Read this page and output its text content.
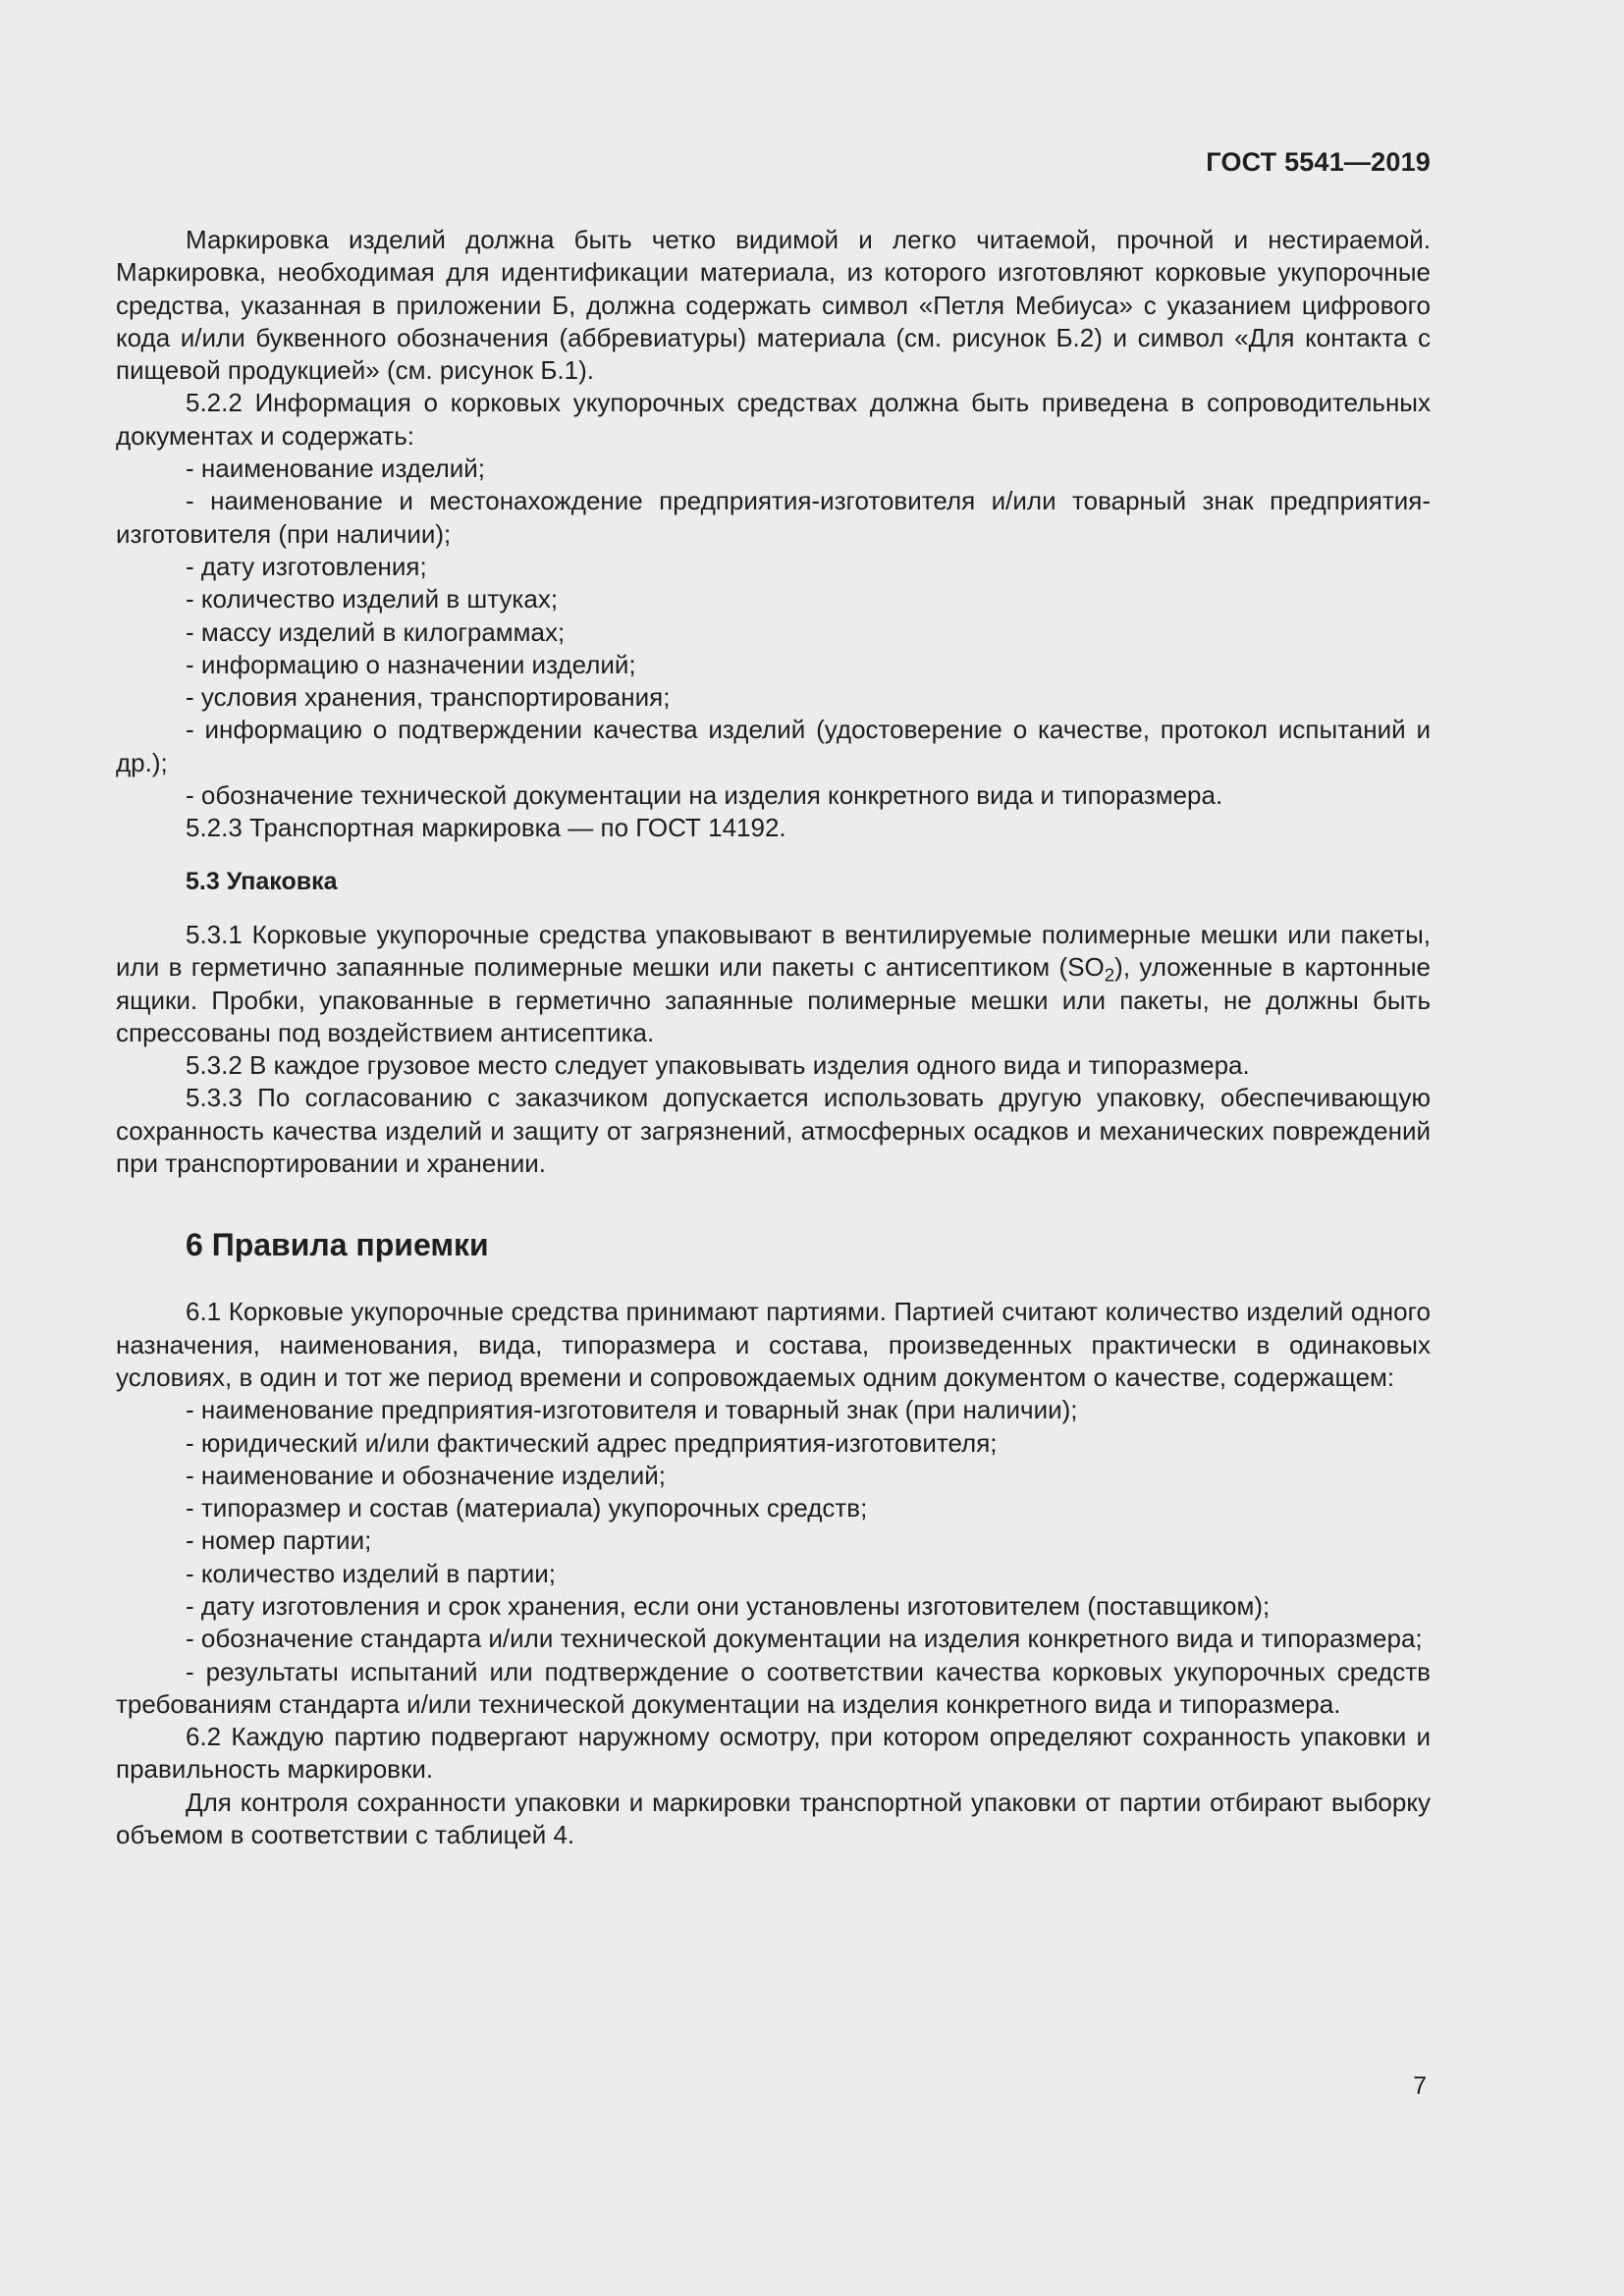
ГОСТ 5541—2019

Маркировка изделий должна быть четко видимой и легко читаемой, прочной и нестираемой. Маркировка, необходимая для идентификации материала, из которого изготовляют корковые укупорочные средства, указанная в приложении Б, должна содержать символ «Петля Мебиуса» с указанием цифрового кода и/или буквенного обозначения (аббревиатуры) материала (см. рисунок Б.2) и символ «Для контакта с пищевой продукцией» (см. рисунок Б.1).

5.2.2 Информация о корковых укупорочных средствах должна быть приведена в сопроводительных документах и содержать:

- наименование изделий;

- наименование и местонахождение предприятия-изготовителя и/или товарный знак предприятия-изготовителя (при наличии);

- дату изготовления;

- количество изделий в штуках;

- массу изделий в килограммах;

- информацию о назначении изделий;

- условия хранения, транспортирования;

- информацию о подтверждении качества изделий (удостоверение о качестве, протокол испытаний и др.);

- обозначение технической документации на изделия конкретного вида и типоразмера.

5.2.3 Транспортная маркировка — по ГОСТ 14192.

5.3 Упаковка

5.3.1 Корковые укупорочные средства упаковывают в вентилируемые полимерные мешки или пакеты, или в герметично запаянные полимерные мешки или пакеты с антисептиком $(SO_2)$, уложенные в картонные ящики. Пробки, упакованные в герметично запаянные полимерные мешки или пакеты, не должны быть спрессованы под воздействием антисептика.

5.3.2 В каждое грузовое место следует упаковывать изделия одного вида и типоразмера.

5.3.3 По согласованию с заказчиком допускается использовать другую упаковку, обеспечивающую сохранность качества изделий и защиту от загрязнений, атмосферных осадков и механических повреждений при транспортировании и хранении.

6 Правила приемки

6.1 Корковые укупорочные средства принимают партиями. Партией считают количество изделий одного назначения, наименования, вида, типоразмера и состава, произведенных практически в одинаковых условиях, в один и тот же период времени и сопровождаемых одним документом о качестве, содержащем:

- наименование предприятия-изготовителя и товарный знак (при наличии);

- юридический и/или фактический адрес предприятия-изготовителя;

- наименование и обозначение изделий;

- типоразмер и состав (материала) укупорочных средств;

- номер партии;

- количество изделий в партии;

- дату изготовления и срок хранения, если они установлены изготовителем (поставщиком);

- обозначение стандарта и/или технической документации на изделия конкретного вида и типоразмера;

- результаты испытаний или подтверждение о соответствии качества корковых укупорочных средств требованиям стандарта и/или технической документации на изделия конкретного вида и типоразмера.

6.2 Каждую партию подвергают наружному осмотру, при котором определяют сохранность упаковки и правильность маркировки.

Для контроля сохранности упаковки и маркировки транспортной упаковки от партии отбирают выборку объемом в соответствии с таблицей 4.

7
